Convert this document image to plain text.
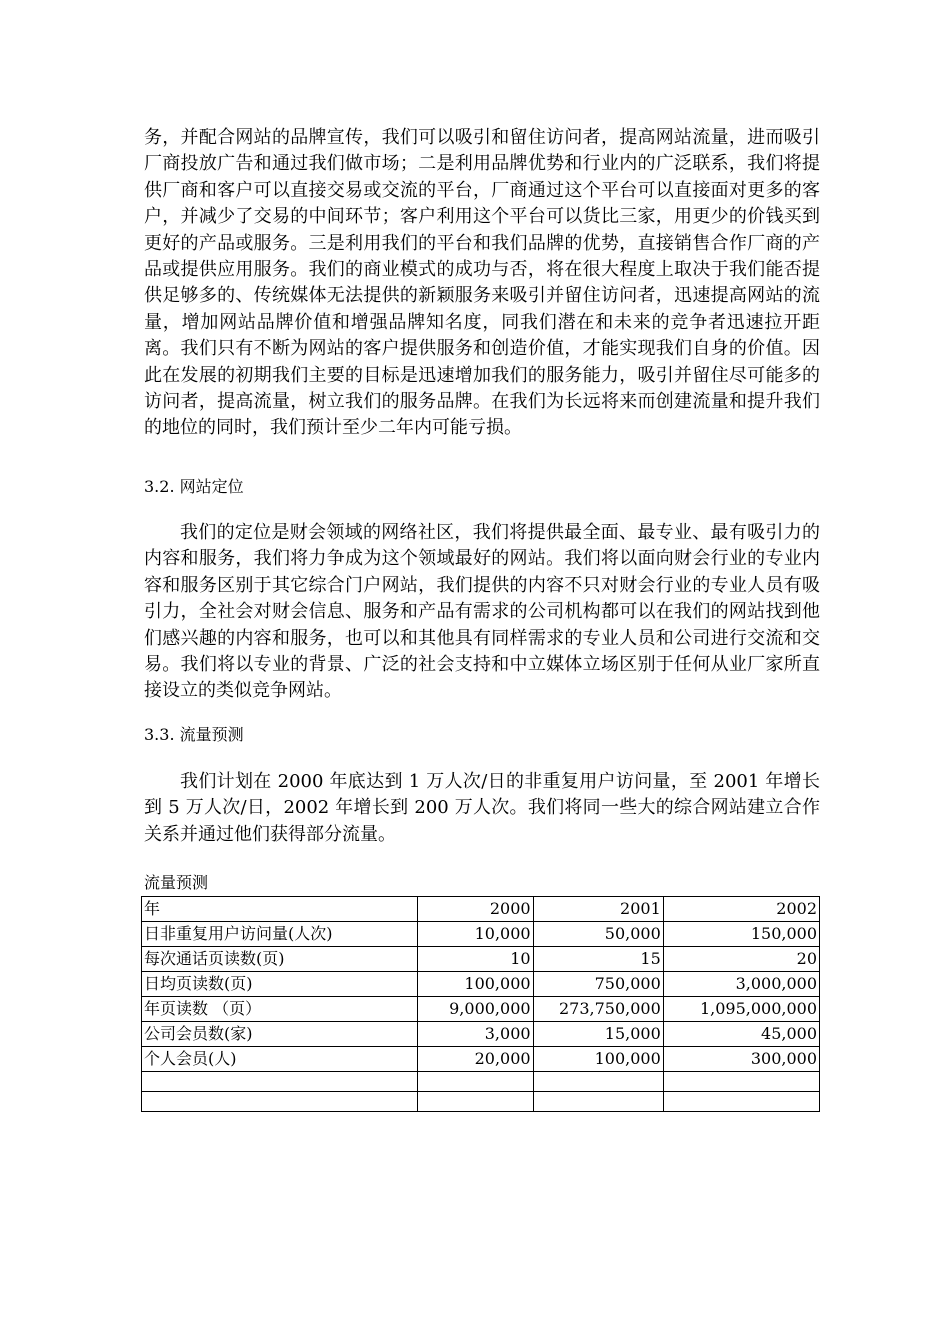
务，并配合网站的品牌宣传，我们可以吸引和留住访问者，提高网站流量，进而吸引厂商投放广告和通过我们做市场；二是利用品牌优势和行业内的广泛联系，我们将提供厂商和客户可以直接交易或交流的平台，厂商通过这个平台可以直接面对更多的客户，并减少了交易的中间环节；客户利用这个平台可以货比三家，用更少的价钱买到更好的产品或服务。三是利用我们的平台和我们品牌的优势，直接销售合作厂商的产品或提供应用服务。我们的商业模式的成功与否，将在很大程度上取决于我们能否提供足够多的、传统媒体无法提供的新颖服务来吸引并留住访问者，迅速提高网站的流量，增加网站品牌价值和增强品牌知名度，同我们潜在和未来的竞争者迅速拉开距离。我们只有不断为网站的客户提供服务和创造价值，才能实现我们自身的价值。因此在发展的初期我们主要的目标是迅速增加我们的服务能力，吸引并留住尽可能多的访问者，提高流量，树立我们的服务品牌。在我们为长远将来而创建流量和提升我们的地位的同时，我们预计至少二年内可能亏损。

3.2. 网站定位

我们的定位是财会领域的网络社区，我们将提供最全面、最专业、最有吸引力的内容和服务，我们将力争成为这个领域最好的网站。我们将以面向财会行业的专业内容和服务区别于其它综合门户网站，我们提供的内容不只对财会行业的专业人员有吸引力，全社会对财会信息、服务和产品有需求的公司机构都可以在我们的网站找到他们感兴趣的内容和服务，也可以和其他具有同样需求的专业人员和公司进行交流和交易。我们将以专业的背景、广泛的社会支持和中立媒体立场区别于任何从业厂家所直接设立的类似竞争网站。

3.3. 流量预测

我们计划在 2000 年底达到 1 万人次/日的非重复用户访问量，至 2001 年增长到 5 万人次/日，2002 年增长到 200 万人次。我们将同一些大的综合网站建立合作关系并通过他们获得部分流量。

流量预测

年	2000	2001	2002
日非重复用户访问量(人次)	10,000	50,000	150,000
每次通话页读数(页)	10	15	20
日均页读数(页)	100,000	750,000	3,000,000
年页读数 （页）	9,000,000	273,750,000	1,095,000,000
公司会员数(家)	3,000	15,000	45,000
个人会员(人)	20,000	100,000	300,000
